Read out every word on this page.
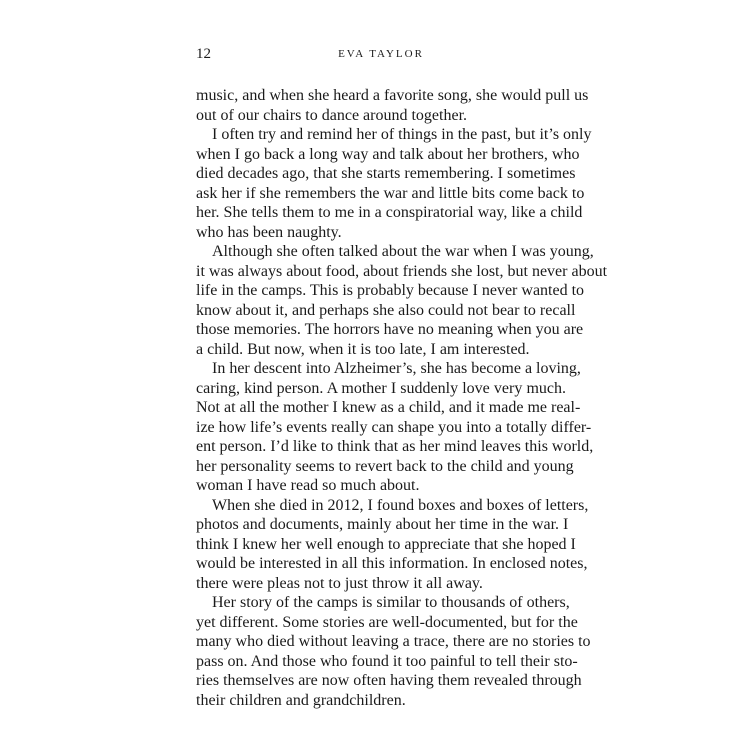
12	EVA TAYLOR
music, and when she heard a favorite song, she would pull us
out of our chairs to dance around together.
I often try and remind her of things in the past, but it’s only
when I go back a long way and talk about her brothers, who
died decades ago, that she starts remembering. I sometimes
ask her if she remembers the war and little bits come back to
her. She tells them to me in a conspiratorial way, like a child
who has been naughty.
Although she often talked about the war when I was young,
it was always about food, about friends she lost, but never about
life in the camps. This is probably because I never wanted to
know about it, and perhaps she also could not bear to recall
those memories. The horrors have no meaning when you are
a child. But now, when it is too late, I am interested.
In her descent into Alzheimer’s, she has become a loving,
caring, kind person. A mother I suddenly love very much.
Not at all the mother I knew as a child, and it made me real-
ize how life’s events really can shape you into a totally differ-
ent person. I’d like to think that as her mind leaves this world,
her personality seems to revert back to the child and young
woman I have read so much about.
When she died in 2012, I found boxes and boxes of letters,
photos and documents, mainly about her time in the war. I
think I knew her well enough to appreciate that she hoped I
would be interested in all this information. In enclosed notes,
there were pleas not to just throw it all away.
Her story of the camps is similar to thousands of others,
yet different. Some stories are well-documented, but for the
many who died without leaving a trace, there are no stories to
pass on. And those who found it too painful to tell their sto-
ries themselves are now often having them revealed through
their children and grandchildren.
